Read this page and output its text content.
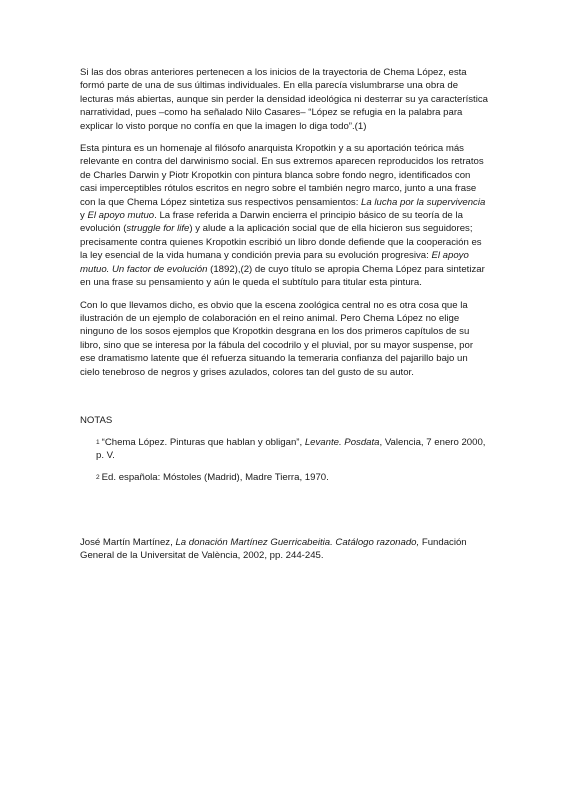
Si las dos obras anteriores pertenecen a los inicios de la trayectoria de Chema López, esta formó parte de una de sus últimas individuales. En ella parecía vislumbrarse una obra de lecturas más abiertas, aunque sin perder la densidad ideológica ni desterrar su ya característica narratividad, pues –como ha señalado Nilo Casares– “López se refugia en la palabra para explicar lo visto porque no confía en que la imagen lo diga todo”.(1)

Esta pintura es un homenaje al filósofo anarquista Kropotkin y a su aportación teórica más relevante en contra del darwinismo social. En sus extremos aparecen reproducidos los retratos de Charles Darwin y Piotr Kropotkin con pintura blanca sobre fondo negro, identificados con casi imperceptibles rótulos escritos en negro sobre el también negro marco, junto a una frase con la que Chema López sintetiza sus respectivos pensamientos: La lucha por la supervivencia y El apoyo mutuo. La frase referida a Darwin encierra el principio básico de su teoría de la evolución (struggle for life) y alude a la aplicación social que de ella hicieron sus seguidores; precisamente contra quienes Kropotkin escribió un libro donde defiende que la cooperación es la ley esencial de la vida humana y condición previa para su evolución progresiva: El apoyo mutuo. Un factor de evolución (1892),(2) de cuyo título se apropia Chema López para sintetizar en una frase su pensamiento y aún le queda el subtítulo para titular esta pintura.

Con lo que llevamos dicho, es obvio que la escena zoológica central no es otra cosa que la ilustración de un ejemplo de colaboración en el reino animal. Pero Chema López no elige ninguno de los sosos ejemplos que Kropotkin desgrana en los dos primeros capítulos de su libro, sino que se interesa por la fábula del cocodrilo y el pluvial, por su mayor suspense, por ese dramatismo latente que él refuerza situando la temeraria confianza del pajarillo bajo un cielo tenebroso de negros y grises azulados, colores tan del gusto de su autor.

NOTAS
1 “Chema López. Pinturas que hablan y obligan”, Levante. Posdata, Valencia, 7 enero 2000, p. V.
2 Ed. española: Móstoles (Madrid), Madre Tierra, 1970.
José Martín Martínez, La donación Martínez Guerricabeitia. Catálogo razonado, Fundación General de la Universitat de València, 2002, pp. 244-245.
